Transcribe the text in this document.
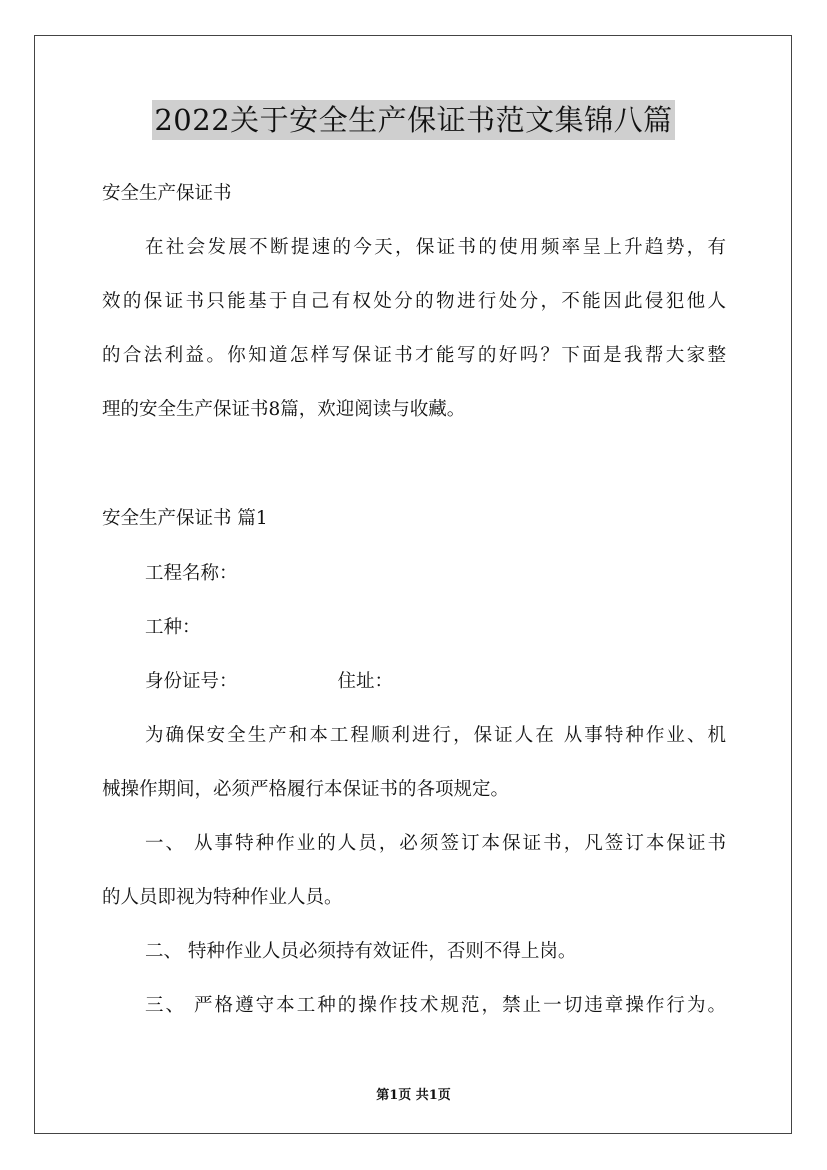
2022关于安全生产保证书范文集锦八篇
安全生产保证书
在社会发展不断提速的今天，保证书的使用频率呈上升趋势，有
效的保证书只能基于自己有权处分的物进行处分，不能因此侵犯他人
的合法利益。你知道怎样写保证书才能写的好吗？下面是我帮大家整
理的安全生产保证书8篇，欢迎阅读与收藏。
安全生产保证书 篇1
工程名称：
工种：
身份证号：	住址：
为确保安全生产和本工程顺利进行，保证人在 从事特种作业、机
械操作期间，必须严格履行本保证书的各项规定。
一、 从事特种作业的人员，必须签订本保证书，凡签订本保证书
的人员即视为特种作业人员。
二、 特种作业人员必须持有效证件，否则不得上岗。
三、 严格遵守本工种的操作技术规范，禁止一切违章操作行为。
第1页 共1页
